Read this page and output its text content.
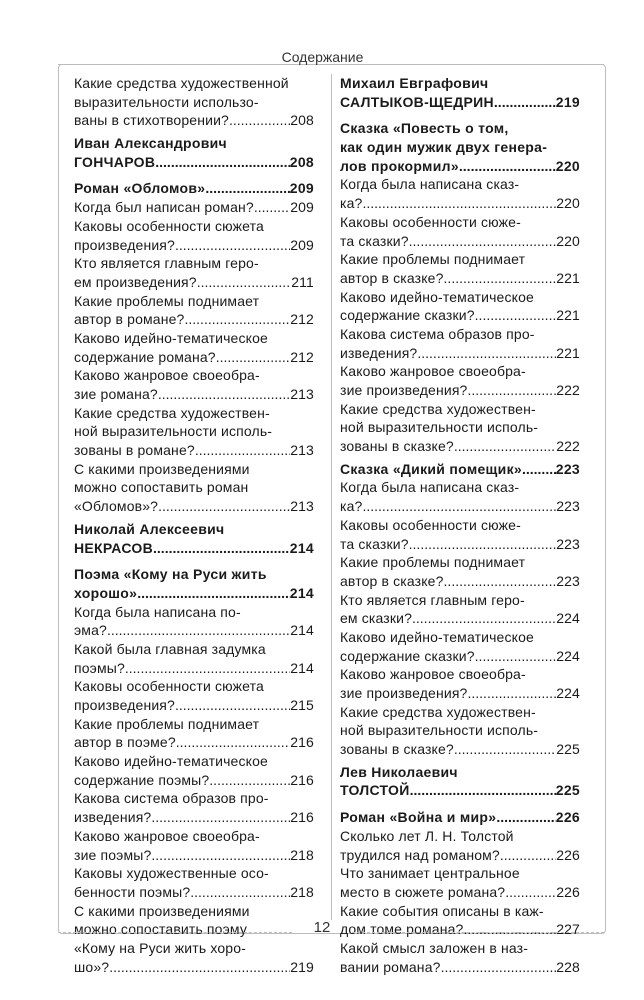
Содержание
Какие средства художественной
выразительности использо-
ваны в стихотворении? .....	208
Иван Александрович
ГОНЧАРОВ .....	208
Роман «Обломов» .....	209
Когда был написан роман? .....	209
Каковы особенности сюжета
произведения? .....	209
Кто является главным геро-
ем произведения? .....	211
Какие проблемы поднимает
автор в романе? .....	212
Каково идейно-тематическое
содержание романа? .....	212
Каково жанровое своеобра-
зие романа? .....	213
Какие средства художествен-
ной выразительности исполь-
зованы в романе? .....	213
С какими произведениями
можно сопоставить роман
«Обломов»? .....	213
Николай Алексеевич
НЕКРАСОВ .....	214
Поэма «Кому на Руси жить
хорошо» .....	214
Когда была написана по-
эма? .....	214
Какой была главная задумка
поэмы? .....	214
Каковы особенности сюжета
произведения? .....	215
Какие проблемы поднимает
автор в поэме? .....	216
Каково идейно-тематическое
содержание поэмы? .....	216
Какова система образов про-
изведения? .....	216
Каково жанровое своеобра-
зие поэмы? .....	218
Каковы художественные осо-
бенности поэмы? .....	218
С какими произведениями
можно сопоставить поэму
«Кому на Руси жить хоро-
шо»? .....	219
Михаил Евграфович
САЛТЫКОВ-ЩЕДРИН .....	219
Сказка «Повесть о том,
как один мужик двух генера-
лов прокормил» .....	220
Когда была написана сказ-
ка? .....	220
Каковы особенности сюже-
та сказки? .....	220
Какие проблемы поднимает
автор в сказке? .....	221
Каково идейно-тематическое
содержание сказки? .....	221
Какова система образов про-
изведения? .....	221
Каково жанровое своеобра-
зие произведения? .....	222
Какие средства художествен-
ной выразительности исполь-
зованы в сказке? .....	222
Сказка «Дикий помещик» ..... 223
Когда была написана сказ-
ка? .....	223
Каковы особенности сюже-
та сказки? .....	223
Какие проблемы поднимает
автор в сказке? .....	223
Кто является главным геро-
ем сказки? .....	224
Каково идейно-тематическое
содержание сказки? .....	224
Каково жанровое своеобра-
зие произведения? .....	224
Какие средства художествен-
ной выразительности исполь-
зованы в сказке? .....	225
Лев Николаевич
ТОЛСТОЙ .....	225
Роман «Война и мир» .....	226
Сколько лет Л. Н. Толстой
трудился над романом? .....	226
Что занимает центральное
место в сюжете романа? .....	226
Какие события описаны в каж-
дом томе романа? .....	227
Какой смысл заложен в наз-
вании романа? .....	228
12
